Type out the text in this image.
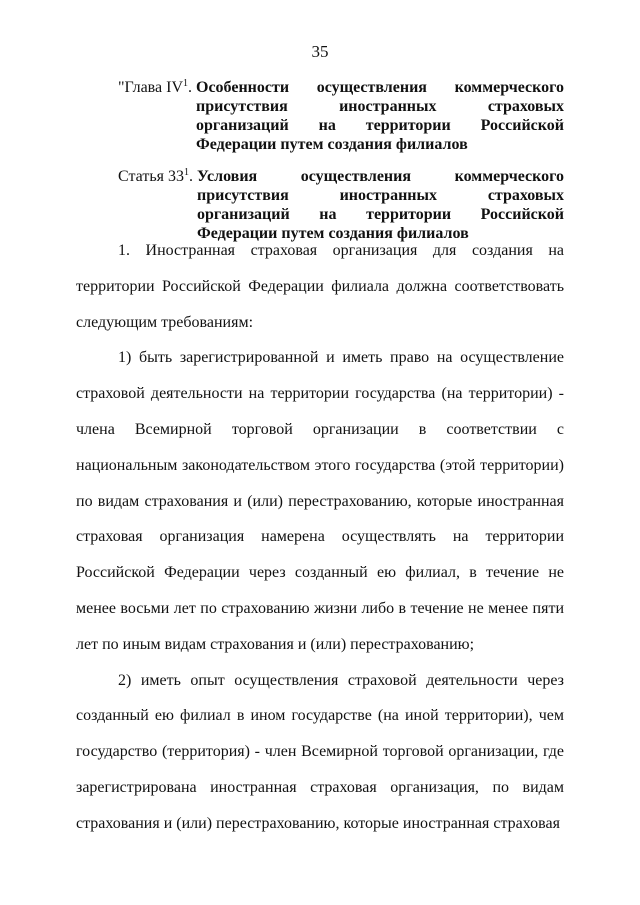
35
"Глава $IV^1$. Особенности осуществления коммерческого присутствия иностранных страховых организаций на территории Российской Федерации путем создания филиалов
Статья $33^1$. Условия осуществления коммерческого присутствия иностранных страховых организаций на территории Российской Федерации путем создания филиалов

1. Иностранная страховая организация для создания на территории Российской Федерации филиала должна соответствовать следующим требованиям:

1) быть зарегистрированной и иметь право на осуществление страховой деятельности на территории государства (на территории) - члена Всемирной торговой организации в соответствии с национальным законодательством этого государства (этой территории) по видам страхования и (или) перестрахованию, которые иностранная страховая организация намерена осуществлять на территории Российской Федерации через созданный ею филиал, в течение не менее восьми лет по страхованию жизни либо в течение не менее пяти лет по иным видам страхования и (или) перестрахованию;

2) иметь опыт осуществления страховой деятельности через созданный ею филиал в ином государстве (на иной территории), чем государство (территория) - член Всемирной торговой организации, где зарегистрирована иностранная страховая организация, по видам страхования и (или) перестрахованию, которые иностранная страховая
